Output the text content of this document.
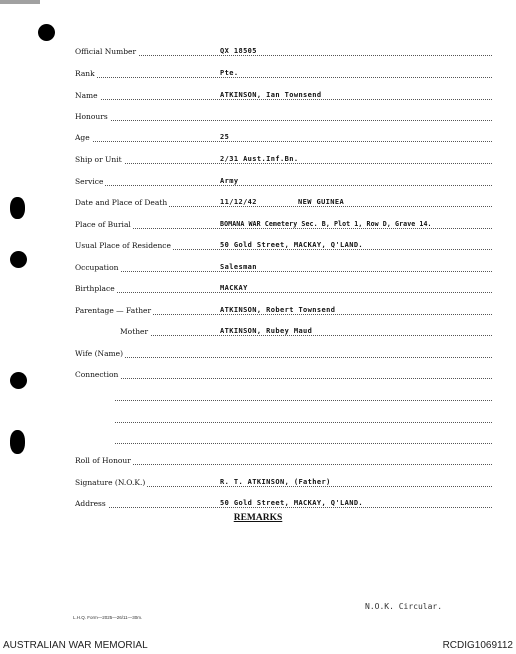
Official Number	QX 18505
Rank	Pte.
Name	ATKINSON, Ian Townsend
Honours
Age	25
Ship or Unit	2/31 Aust.Inf.Bn.
Service	Army
Date and Place of Death	11/12/42	NEW GUINEA
Place of Burial	BOMANA WAR Cemetery Sec. B, Plot 1, Row D, Grave 14.
Usual Place of Residence	50 Gold Street, MACKAY, Q'LAND.
Occupation	Salesman
Birthplace	MACKAY
Parentage — Father	ATKINSON, Robert Townsend
Mother	ATKINSON, Rubey Maud
Wife (Name)
Connection
Roll of Honour
Signature (N.O.K.)	R. T. ATKINSON, (Father)
Address	50 Gold Street, MACKAY, Q'LAND.
REMARKS
N.O.K. Circular.
L.H.Q. Form—2025—26/11—30m.
AUSTRALIAN WAR MEMORIAL	RCDIG1069112
